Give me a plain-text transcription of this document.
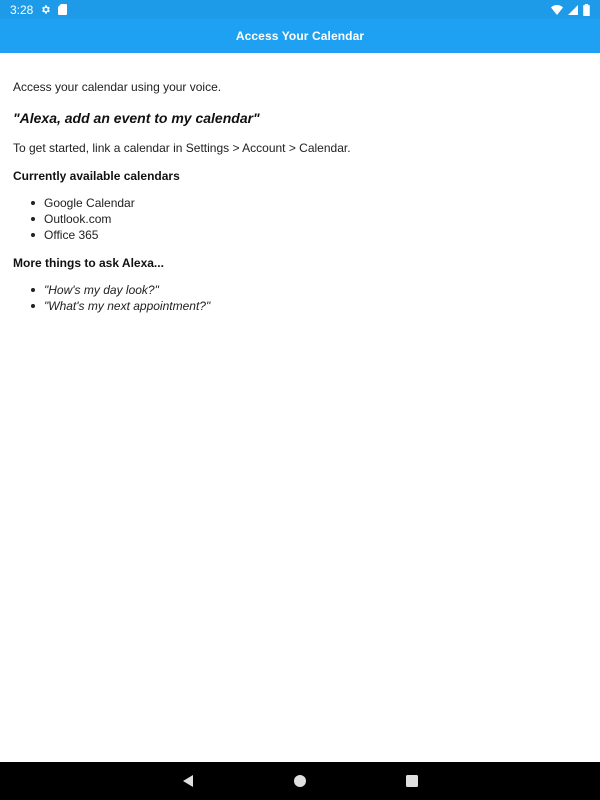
3:28
Access Your Calendar

Access your calendar using your voice.

"Alexa, add an event to my calendar"

To get started, link a calendar in Settings > Account > Calendar.

Currently available calendars

Google Calendar
Outlook.com
Office 365

More things to ask Alexa...

"How's my day look?"
"What's my next appointment?"
